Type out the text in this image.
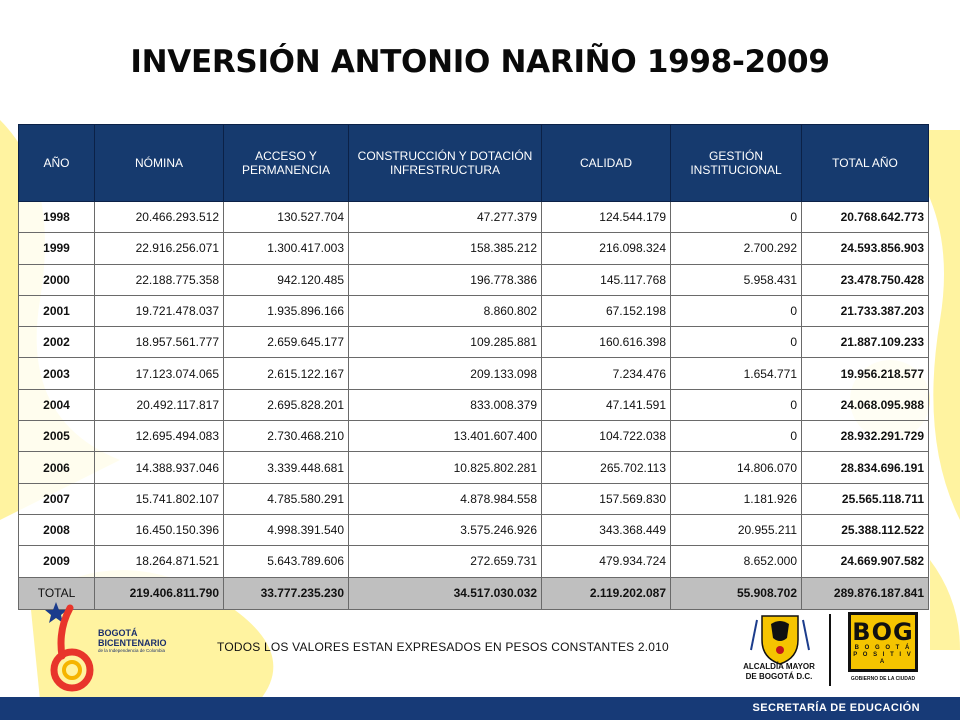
INVERSIÓN ANTONIO NARIÑO 1998-2009
AÑO	NÓMINA	ACCESO Y PERMANENCIA	CONSTRUCCIÓN Y DOTACIÓN INFRESTRUCTURA	CALIDAD	GESTIÓN INSTITUCIONAL	TOTAL AÑO
1998	20.466.293.512	130.527.704	47.277.379	124.544.179	0	20.768.642.773
1999	22.916.256.071	1.300.417.003	158.385.212	216.098.324	2.700.292	24.593.856.903
2000	22.188.775.358	942.120.485	196.778.386	145.117.768	5.958.431	23.478.750.428
2001	19.721.478.037	1.935.896.166	8.860.802	67.152.198	0	21.733.387.203
2002	18.957.561.777	2.659.645.177	109.285.881	160.616.398	0	21.887.109.233
2003	17.123.074.065	2.615.122.167	209.133.098	7.234.476	1.654.771	19.956.218.577
2004	20.492.117.817	2.695.828.201	833.008.379	47.141.591	0	24.068.095.988
2005	12.695.494.083	2.730.468.210	13.401.607.400	104.722.038	0	28.932.291.729
2006	14.388.937.046	3.339.448.681	10.825.802.281	265.702.113	14.806.070	28.834.696.191
2007	15.741.802.107	4.785.580.291	4.878.984.558	157.569.830	1.181.926	25.565.118.711
2008	16.450.150.396	4.998.391.540	3.575.246.926	343.368.449	20.955.211	25.388.112.522
2009	18.264.871.521	5.643.789.606	272.659.731	479.934.724	8.652.000	24.669.907.582
TOTAL	219.406.811.790	33.777.235.230	34.517.030.032	2.119.202.087	55.908.702	289.876.187.841
BOGOTÁ
BICENTENARIO
de la Independencia de Colombia	TODOS LOS VALORES ESTAN EXPRESADOS EN PESOS CONSTANTES 2.010
ALCALDÍA MAYOR
DE BOGOTÁ D.C.
BOG
B O G O T Á
P O S I T I V A
GOBIERNO DE LA CIUDAD
SECRETARÍA DE EDUCACIÓN
